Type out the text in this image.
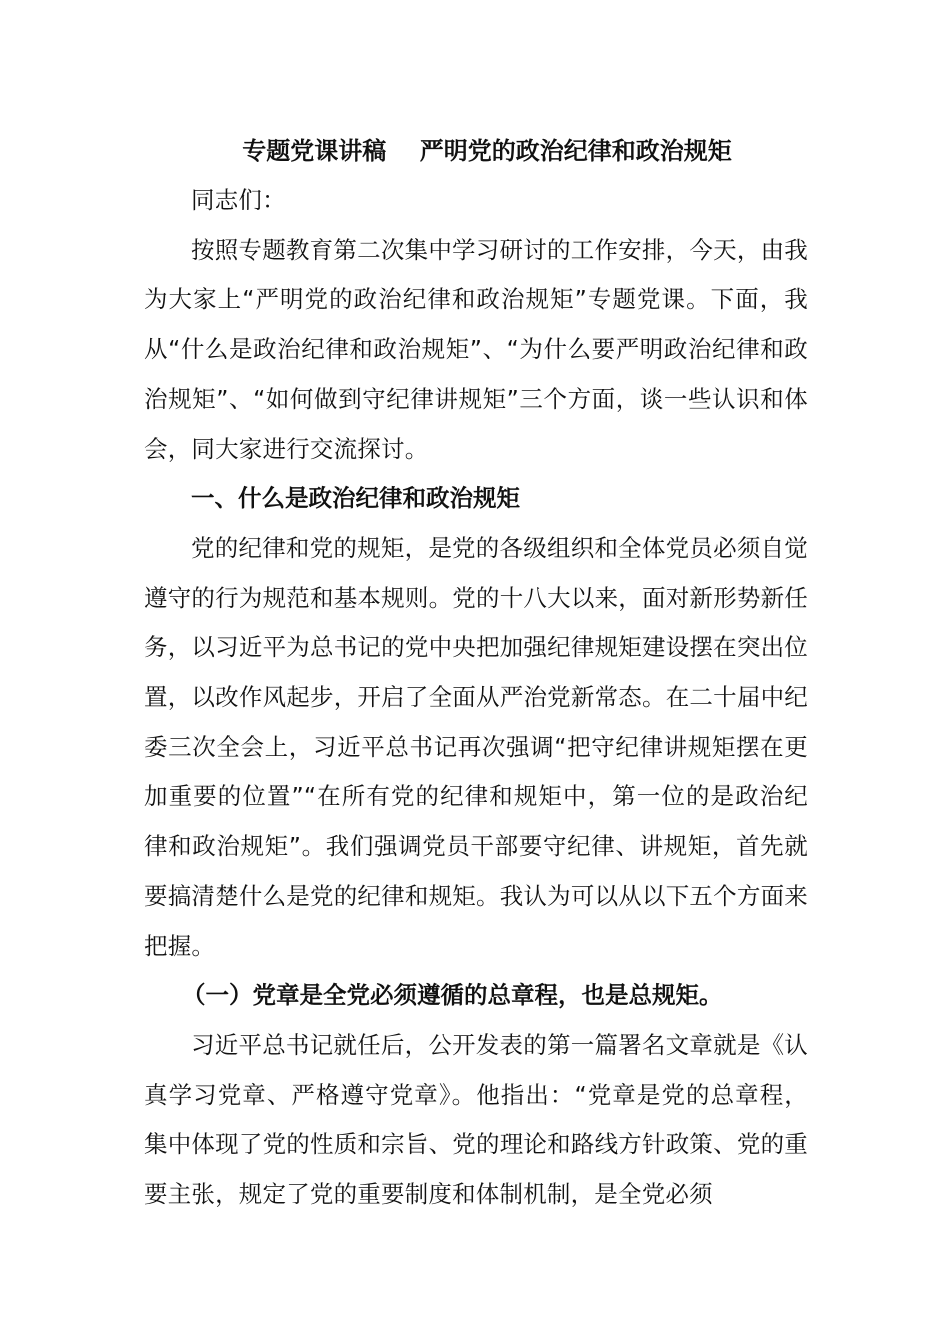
专题党课讲稿    严明党的政治纪律和政治规矩

同志们：

按照专题教育第二次集中学习研讨的工作安排，今天，由我为大家上“严明党的政治纪律和政治规矩”专题党课。下面，我从“什么是政治纪律和政治规矩”、“为什么要严明政治纪律和政治规矩”、“如何做到守纪律讲规矩”三个方面，谈一些认识和体会，同大家进行交流探讨。

一、什么是政治纪律和政治规矩

党的纪律和党的规矩，是党的各级组织和全体党员必须自觉遵守的行为规范和基本规则。党的十八大以来，面对新形势新任务，以习近平为总书记的党中央把加强纪律规矩建设摆在突出位置，以改作风起步，开启了全面从严治党新常态。在二十届中纪委三次全会上，习近平总书记再次强调“把守纪律讲规矩摆在更加重要的位置”“在所有党的纪律和规矩中，第一位的是政治纪律和政治规矩”。我们强调党员干部要守纪律、讲规矩，首先就要搞清楚什么是党的纪律和规矩。我认为可以从以下五个方面来把握。

（一）党章是全党必须遵循的总章程，也是总规矩。

习近平总书记就任后，公开发表的第一篇署名文章就是《认真学习党章、严格遵守党章》。他指出：“党章是党的总章程，集中体现了党的性质和宗旨、党的理论和路线方针政策、党的重要主张，规定了党的重要制度和体制机制，是全党必须
